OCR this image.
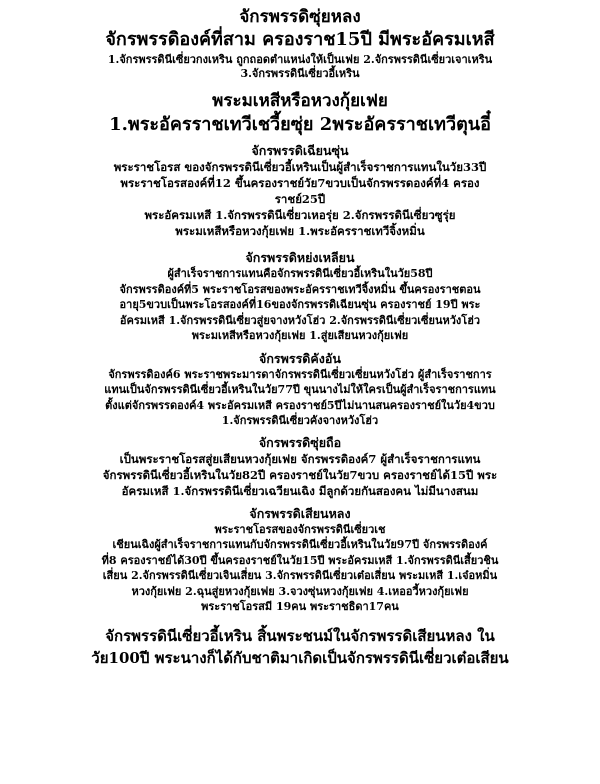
จักรพรรดิซุ่ยหลง

จักรพรรดิองค์ที่สาม ครองราช15ปี มีพระอัครมเหสี

1.จักรพรรดินีเซี่ยวกงเหริน ถูกถอดตำแหน่งให้เป็นเฟย 2.จักรพรรดินีเซี่ยวเจาเหริน

3.จักรพรรดินีเซี่ยวอี้เหริน

พระมเหสีหรือหวงกุ้ยเฟย

1.พระอัครราชเทวีเชวี้ยซุ่ย 2พระอัครราชเทวีตุนอี๋

จักรพรรดิเฉียนซุ่น

พระราชโอรส ของจักรพรรดินีเซี่ยวอี้เหรินเป็นผู้สำเร็จราชการแทนในวัย33ปี

พระราชโอรสองค์ที่12 ขึ้นครองราชย์วัย7ขวบเป็นจักรพรรดองค์ที่4 ครอง

ราชย์25ปี

พระอัครมเหสี 1.จักรพรรดินีเซี่ยวเหอรุ่ย 2.จักรพรรดินีเซี่ยวซูรุ่ย

พระมเหสีหรือหวงกุ้ยเฟย 1.พระอัครราชเทวีจิ้งหมิ่น

จักรพรรดิหย่งเหลียน

ผู้สำเร็จราชการแทนคือจักรพรรดินีเซี่ยวอี้เหรินในวัย58ปี

จักรพรรดิองค์ที่5 พระราชโอรสของพระอัครราชเทวีจิ้งหมิ่น ขึ้นครองราชตอน

อายุ5ขวบเป็นพระโอรสองค์ที่16ของจักรพรรดิเฉียนซุ่น ครองราชย์ 19ปี พระ

อัครมเหสี 1.จักรพรรดินีเซี่ยวสู่ยจางหวังโฮ่ว 2.จักรพรรดินีเซี่ยวเซี่ยนหวังโฮ่ว

พระมเหสีหรือหวงกุ้ยเฟย 1.สู่ยเสียนหวงกุ้ยเฟย

จักรพรรดิคังอัน

จักรพรรดิองค์6 พระราชพระมารดาจักรพรรดินีเซี่ยวเซี่ยนหวังโฮ่ว ผู้สำเร็จราชการ

แทนเป็นจักรพรรดินีเซี่ยวอี้เหรินในวัย77ปี ขุนนางไม่ให้ใครเป็นผู้สำเร็จราชการแทน

ตั้งแต่จักรพรรดองค์4 พระอัครมเหสี ครองราชย์5ปีไม่นานสนครองราชย์ในวัย4ขวบ

1.จักรพรรดินีเซี่ยวคังจางหวังโฮ่ว

จักรพรรดิซุ่ยถือ

เป็นพระราชโอรสสู่ยเสียนหวงกุ้ยเฟย จักรพรรดิองค์7 ผู้สำเร็จราชการแทน

จักรพรรดินีเซี่ยวอี้เหรินในวัย82ปี ครองราชย์ในวัย7ขวบ ครองราชย์ได้15ปี พระ

อัครมเหสี 1.จักรพรรดินีเซี่ยวเฉวียนเฉิง มีลูกด้วยกันสองคน ไม่มีนางสนม

จักรพรรดิเสียนหลง

พระราชโอรสของจักรพรรดินีเซี่ยวเช

เชียนเฉิงผู้สำเร็จราชการแทนกับจักรพรรดินีเซี่ยวอี้เหรินในวัย97ปี จักรพรรดิองค์

ที่8 ครองราชย์ได้30ปี ขึ้นครองราชย์ในวัย15ปี พระอัครมเหสี 1.จักรพรรดินีเสี้ยวชิน

เสี่ยน 2.จักรพรรดินีเซี่ยวเจินเสี่ยน 3.จักรพรรดินีเซี่ยวเต๋อเสี่ยน พระมเหสี 1.เจ๋อหมิ่น

หวงกุ้ยเฟย 2.ฉุนสู่ยหวงกุ้ยเฟย 3.จวงซุ่นหวงกุ้ยเฟย 4.เหออวี้หวงกุ้ยเฟย

พระราชโอรสมี 19คน พระราชธิดา17คน

จักรพรรดินีเซี่ยวอี้เหริน สิ้นพระชนม์ในจักรพรรดิเสียนหลง ใน

วัย100ปี พระนางก็ได้กับชาติมาเกิดเป็นจักรพรรดินีเซี่ยวเต๋อเสียน
